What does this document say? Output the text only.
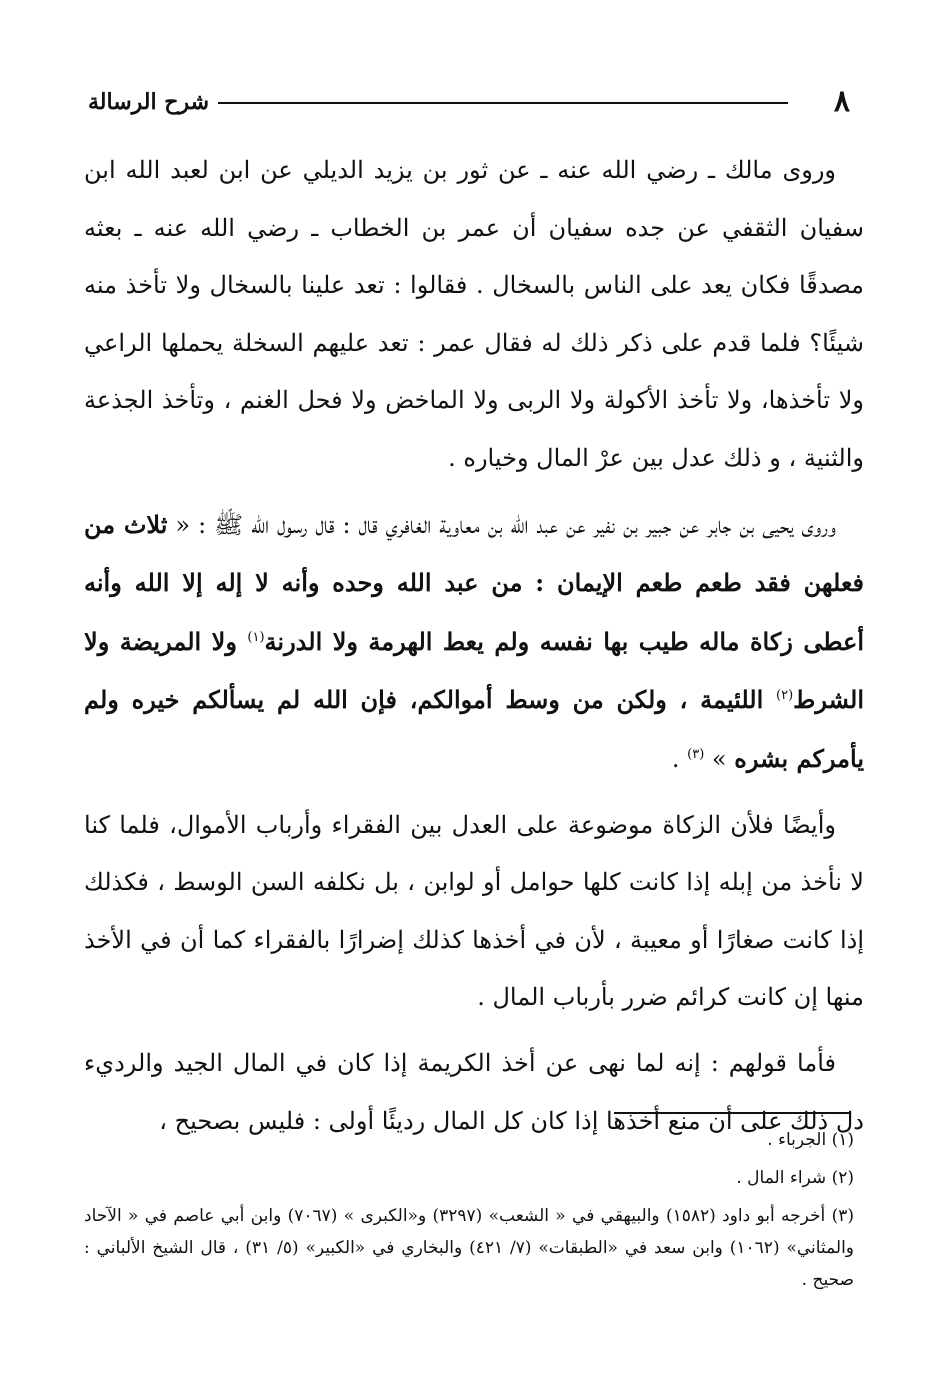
٨
شرح الرسالة

وروى مالك ـ رضي الله عنه ـ عن ثور بن يزيد الديلي عن ابن لعبد الله ابن سفيان الثقفي عن جده سفيان أن عمر بن الخطاب ـ رضي الله عنه ـ بعثه مصدقًا فكان يعد على الناس بالسخال . فقالوا : تعد علينا بالسخال ولا تأخذ منه شيئًا؟ فلما قدم على ذكر ذلك له فقال عمر : تعد عليهم السخلة يحملها الراعي ولا تأخذها، ولا تأخذ الأكولة ولا الربى ولا الماخض ولا فحل الغنم ، وتأخذ الجذعة والثنية ، و ذلك عدل بين عرْ المال وخياره .

وروى يحيى بن جابر عن جبير بن نفير عن عبد الله بن معاوية الغافري قال : قال رسول الله ﷺ : « ثلاث من فعلهن فقد طعم طعم الإيمان : من عبد الله وحده وأنه لا إله إلا الله وأنه أعطى زكاة ماله طيب بها نفسه ولم يعط الهرمة ولا الدرنة$^{(١)}$ ولا المريضة ولا الشرط$^{(٢)}$ اللئيمة ، ولكن من وسط أموالكم، فإن الله لم يسألكم خيره ولم يأمركم بشره » $^{(٣)}$ .

وأيضًا فلأن الزكاة موضوعة على العدل بين الفقراء وأرباب الأموال، فلما كنا لا نأخذ من إبله إذا كانت كلها حوامل أو لوابن ، بل نكلفه السن الوسط ، فكذلك إذا كانت صغارًا أو معيبة ، لأن في أخذها كذلك إضرارًا بالفقراء كما أن في الأخذ منها إن كانت كرائم ضرر بأرباب المال .

فأما قولهم : إنه لما نهى عن أخذ الكريمة إذا كان في المال الجيد والرديء دل ذلك على أن منع أخذها إذا كان كل المال رديئًا أولى : فليس بصحيح ،

(١) الجرباء .

(٢) شراء المال .

(٣) أخرجه أبو داود (١٥٨٢) والبيهقي في « الشعب» (٣٢٩٧) و«الكبرى » (٧٠٦٧) وابن أبي عاصم في « الآحاد والمثاني» (١٠٦٢) وابن سعد في «الطبقات» (٧/ ٤٢١) والبخاري في «الكبير» (٥/ ٣١) ، قال الشيخ الألباني : صحيح .
